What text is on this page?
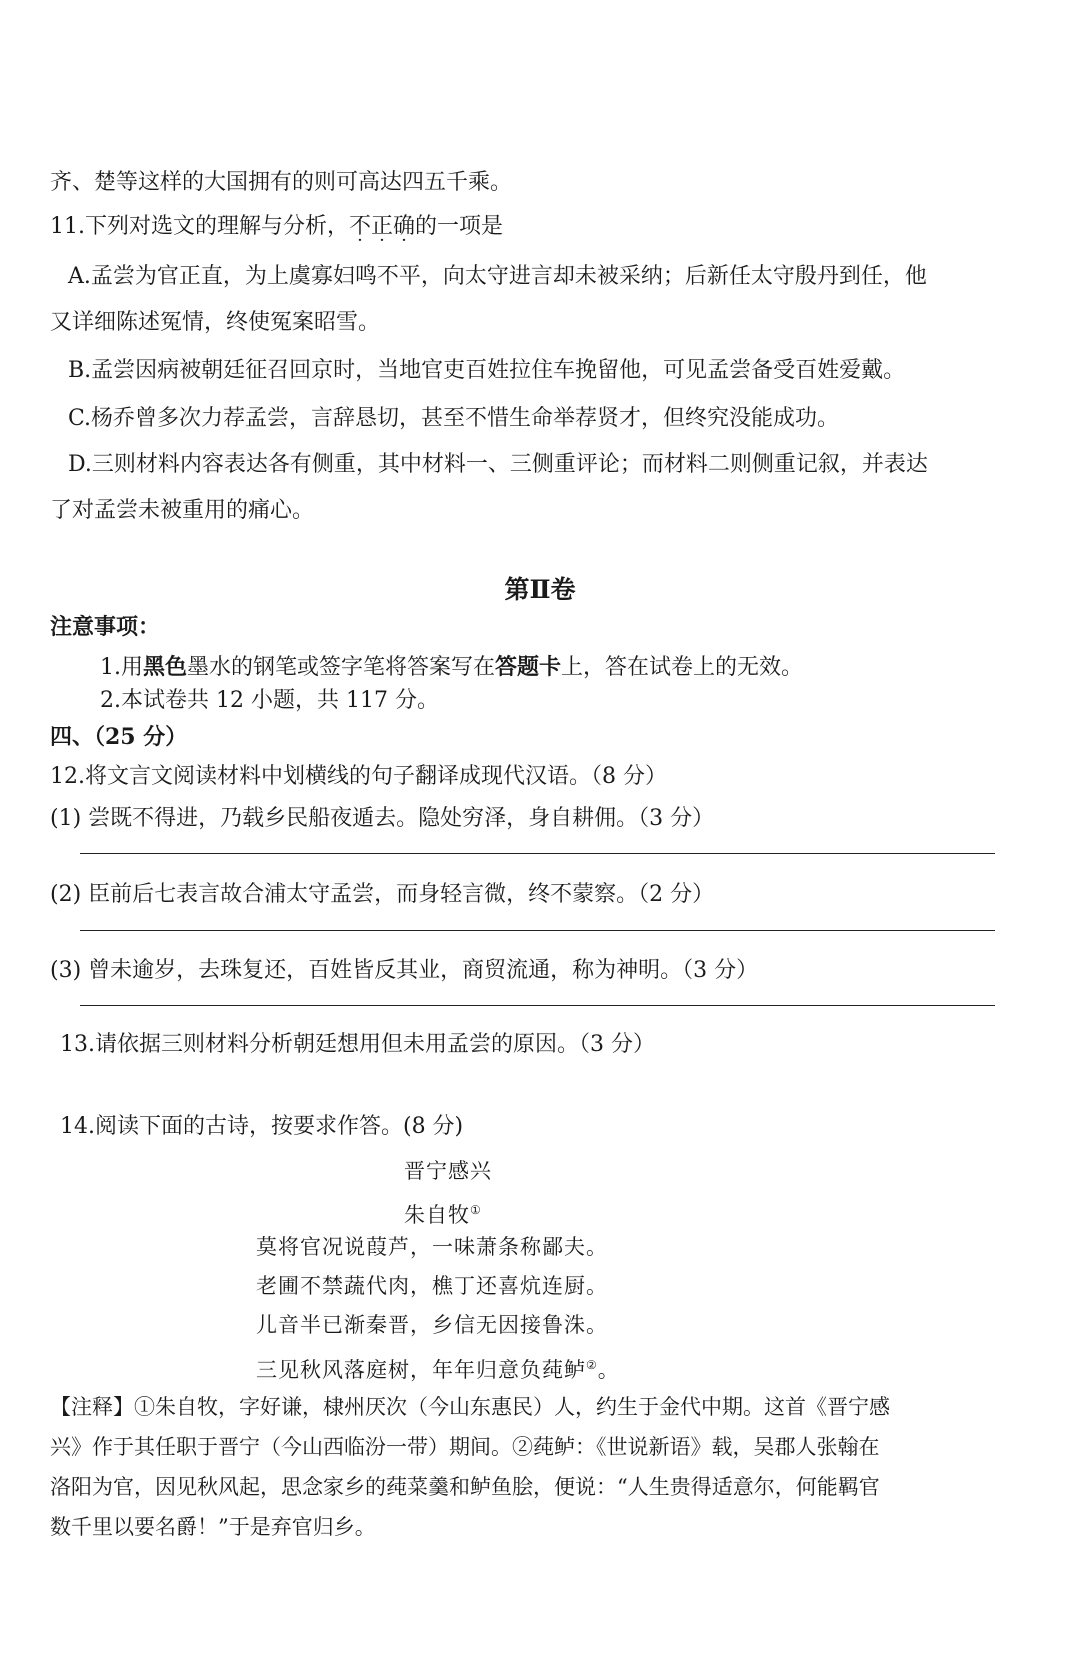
齐、楚等这样的大国拥有的则可高达四五千乘。
11.下列对选文的理解与分析，不正确的一项是
A.孟尝为官正直，为上虞寡妇鸣不平，向太守进言却未被采纳；后新任太守殷丹到任，他
又详细陈述冤情，终使冤案昭雪。
B.孟尝因病被朝廷征召回京时，当地官吏百姓拉住车挽留他，可见孟尝备受百姓爱戴。
C.杨乔曾多次力荐孟尝，言辞恳切，甚至不惜生命举荐贤才，但终究没能成功。
D.三则材料内容表达各有侧重，其中材料一、三侧重评论；而材料二则侧重记叙，并表达
了对孟尝未被重用的痛心。
第Ⅱ卷
注意事项：
1.用黑色墨水的钢笔或签字笔将答案写在答题卡上，答在试卷上的无效。
2.本试卷共 12 小题，共 117 分。
四、（25 分）
12.将文言文阅读材料中划横线的句子翻译成现代汉语。（8 分）
(1) 尝既不得进，乃载乡民船夜遁去。隐处穷泽，身自耕佣。（3 分）
(2) 臣前后七表言故合浦太守孟尝，而身轻言微，终不蒙察。（2 分）
(3) 曾未逾岁，去珠复还，百姓皆反其业，商贸流通，称为神明。（3 分）
13.请依据三则材料分析朝廷想用但未用孟尝的原因。（3 分）
14.阅读下面的古诗，按要求作答。(8 分)
晋宁感兴
朱自牧①
莫将官况说葭芦，一味萧条称鄙夫。
老圃不禁蔬代肉，樵丁还喜炕连厨。
儿音半已渐秦晋，乡信无因接鲁洙。
三见秋风落庭树，年年归意负莼鲈②。
【注释】①朱自牧，字好谦，棣州厌次（今山东惠民）人，约生于金代中期。这首《晋宁感
兴》作于其任职于晋宁（今山西临汾一带）期间。②莼鲈：《世说新语》载，吴郡人张翰在
洛阳为官，因见秋风起，思念家乡的莼菜羹和鲈鱼脍，便说：“人生贵得适意尔，何能羁官
数千里以要名爵！”于是弃官归乡。
